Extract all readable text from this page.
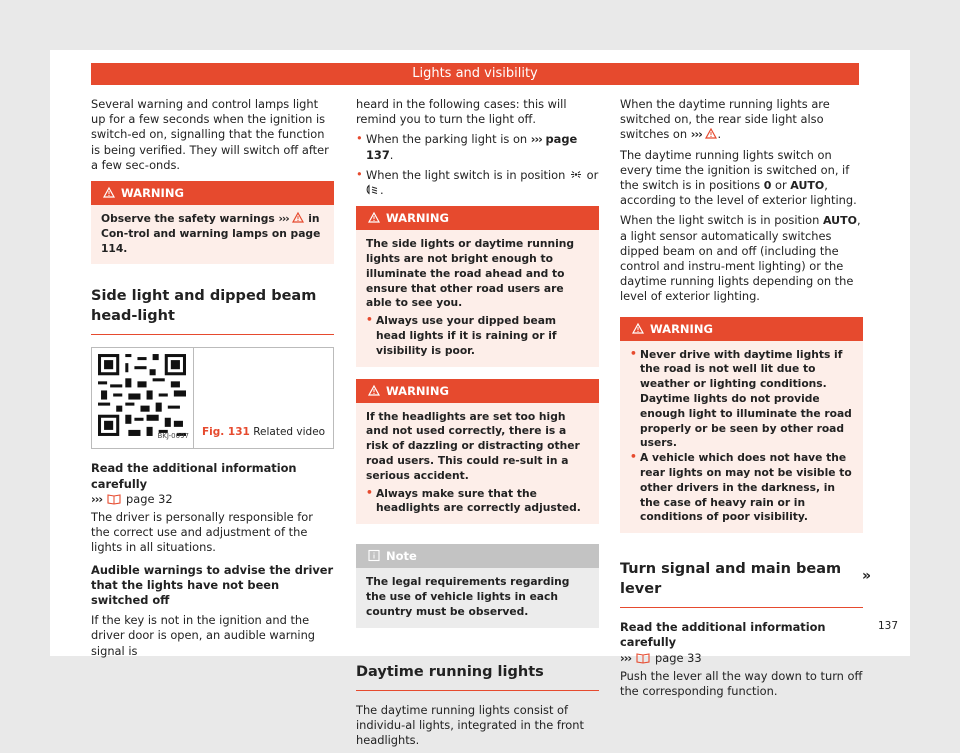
Lights and visibility

Several warning and control lamps light up for a few seconds when the ignition is switch-ed on, signalling that the function is being verified. They will switch off after a few sec-onds.

WARNING
Observe the safety warnings ››› in Con-trol and warning lamps on page 114.
Side light and dipped beam head-light
BKJ-0097	Fig. 131 Related video

Read the additional information carefully
››› page 32

The driver is personally responsible for the correct use and adjustment of the lights in all situations.

Audible warnings to advise the driver that the lights have not been switched off

If the key is not in the ignition and the driver door is open, an audible warning signal is

heard in the following cases: this will remind you to turn the light off.

• When the parking light is on ››› page 137.
• When the light switch is in position or .
WARNING
The side lights or daytime running lights are not bright enough to illuminate the road ahead and to ensure that other road users are able to see you.
• Always use your dipped beam head lights if it is raining or if visibility is poor.
WARNING
If the headlights are set too high and not used correctly, there is a risk of dazzling or distracting other road users. This could re-sult in a serious accident.
• Always make sure that the headlights are correctly adjusted.
Note
The legal requirements regarding the use of vehicle lights in each country must be observed.
Daytime running lights

The daytime running lights consist of individu-al lights, integrated in the front headlights.

When the daytime running lights are switched on, the rear side light also switches on ››› .

The daytime running lights switch on every time the ignition is switched on, if the switch is in positions 0 or AUTO, according to the level of exterior lighting.

When the light switch is in position AUTO, a light sensor automatically switches dipped beam on and off (including the control and instru-ment lighting) or the daytime running lights depending on the level of exterior lighting.

WARNING
• Never drive with daytime lights if the road is not well lit due to weather or lighting conditions. Daytime lights do not provide enough light to illuminate the road properly or be seen by other road users.
• A vehicle which does not have the rear lights on may not be visible to other drivers in the darkness, in the case of heavy rain or in conditions of poor visibility.
Turn signal and main beam lever

Read the additional information carefully
››› page 33

Push the lever all the way down to turn off the corresponding function.

»
137
